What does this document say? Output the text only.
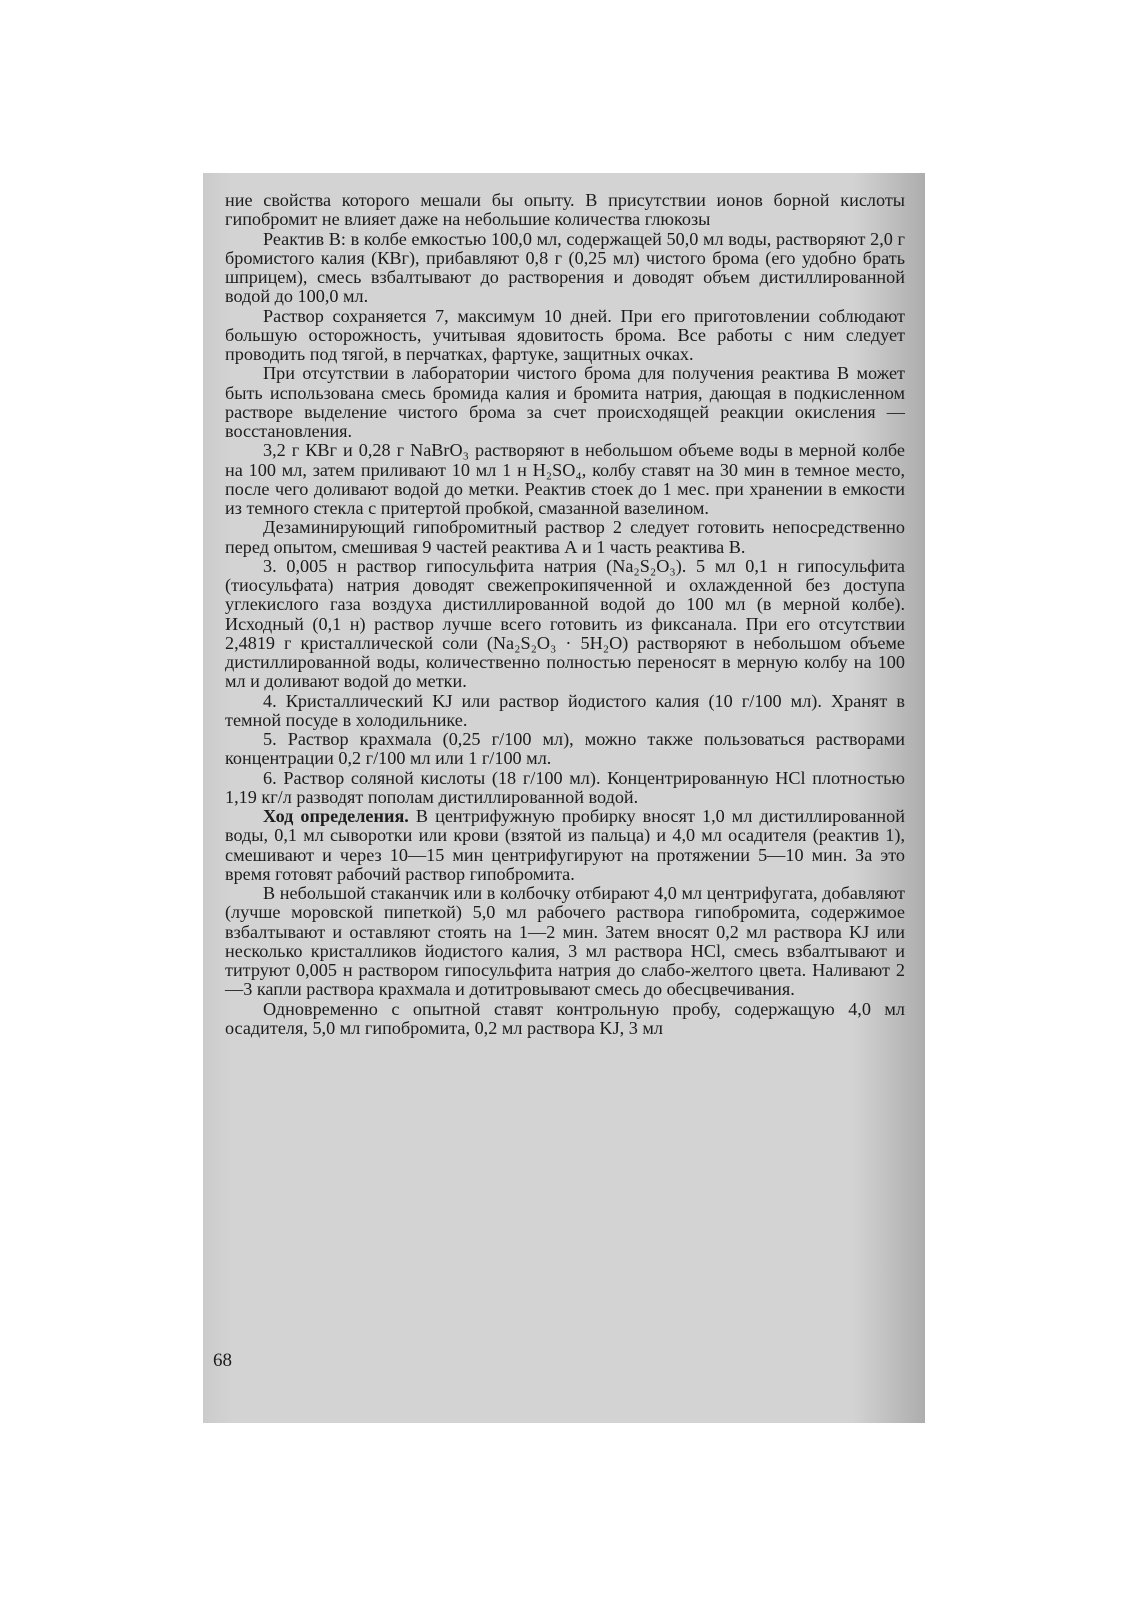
ние свойства которого мешали бы опыту. В присутствии ионов борной кислоты гипобромит не влияет даже на небольшие количества глюкозы

Реактив В: в колбе емкостью 100,0 мл, содержащей 50,0 мл воды, растворяют 2,0 г бромистого калия (КВг), прибавляют 0,8 г (0,25 мл) чистого брома (его удобно брать шприцем), смесь взбалтывают до растворения и доводят объем дистиллированной водой до 100,0 мл.

Раствор сохраняется 7, максимум 10 дней. При его приготовлении соблюдают большую осторожность, учитывая ядовитость брома. Все работы с ним следует проводить под тягой, в перчатках, фартуке, защитных очках.

При отсутствии в лаборатории чистого брома для получения реактива В может быть использована смесь бромида калия и бромита натрия, дающая в подкисленном растворе выделение чистого брома за счет происходящей реакции окисления — восстановления.

3,2 г КВг и 0,28 г NaBrO₃ растворяют в небольшом объеме воды в мерной колбе на 100 мл, затем приливают 10 мл 1 н H₂SO₄, колбу ставят на 30 мин в темное место, после чего доливают водой до метки. Реактив стоек до 1 мес. при хранении в емкости из темного стекла с притертой пробкой, смазанной вазелином.

Дезаминирующий гипобромитный раствор 2 следует готовить непосредственно перед опытом, смешивая 9 частей реактива А и 1 часть реактива В.

3. 0,005 н раствор гипосульфита натрия (Na₂S₂O₃). 5 мл 0,1 н гипосульфита (тиосульфата) натрия доводят свежепрокипяченной и охлажденной без доступа углекислого газа воздуха дистиллированной водой до 100 мл (в мерной колбе). Исходный (0,1 н) раствор лучше всего готовить из фиксанала. При его отсутствии 2,4819 г кристаллической соли (Na₂S₂O₃ · 5H₂O) растворяют в небольшом объеме дистиллированной воды, количественно полностью переносят в мерную колбу на 100 мл и доливают водой до метки.

4. Кристаллический KJ или раствор йодистого калия (10 г/100 мл). Хранят в темной посуде в холодильнике.

5. Раствор крахмала (0,25 г/100 мл), можно также пользоваться растворами концентрации 0,2 г/100 мл или 1 г/100 мл.

6. Раствор соляной кислоты (18 г/100 мл). Концентрированную HCl плотностью 1,19 кг/л разводят пополам дистиллированной водой.

Ход определения. В центрифужную пробирку вносят 1,0 мл дистиллированной воды, 0,1 мл сыворотки или крови (взятой из пальца) и 4,0 мл осадителя (реактив 1), смешивают и через 10—15 мин центрифугируют на протяжении 5—10 мин. За это время готовят рабочий раствор гипобромита.

В небольшой стаканчик или в колбочку отбирают 4,0 мл центрифугата, добавляют (лучше моровской пипеткой) 5,0 мл рабочего раствора гипобромита, содержимое взбалтывают и оставляют стоять на 1—2 мин. Затем вносят 0,2 мл раствора KJ или несколько кристалликов йодистого калия, 3 мл раствора HCl, смесь взбалтывают и титруют 0,005 н раствором гипосульфита натрия до слабо-желтого цвета. Наливают 2—3 капли раствора крахмала и дотитровывают смесь до обесцвечивания.

Одновременно с опытной ставят контрольную пробу, содержащую 4,0 мл осадителя, 5,0 мл гипобромита, 0,2 мл раствора KJ, 3 мл

68
